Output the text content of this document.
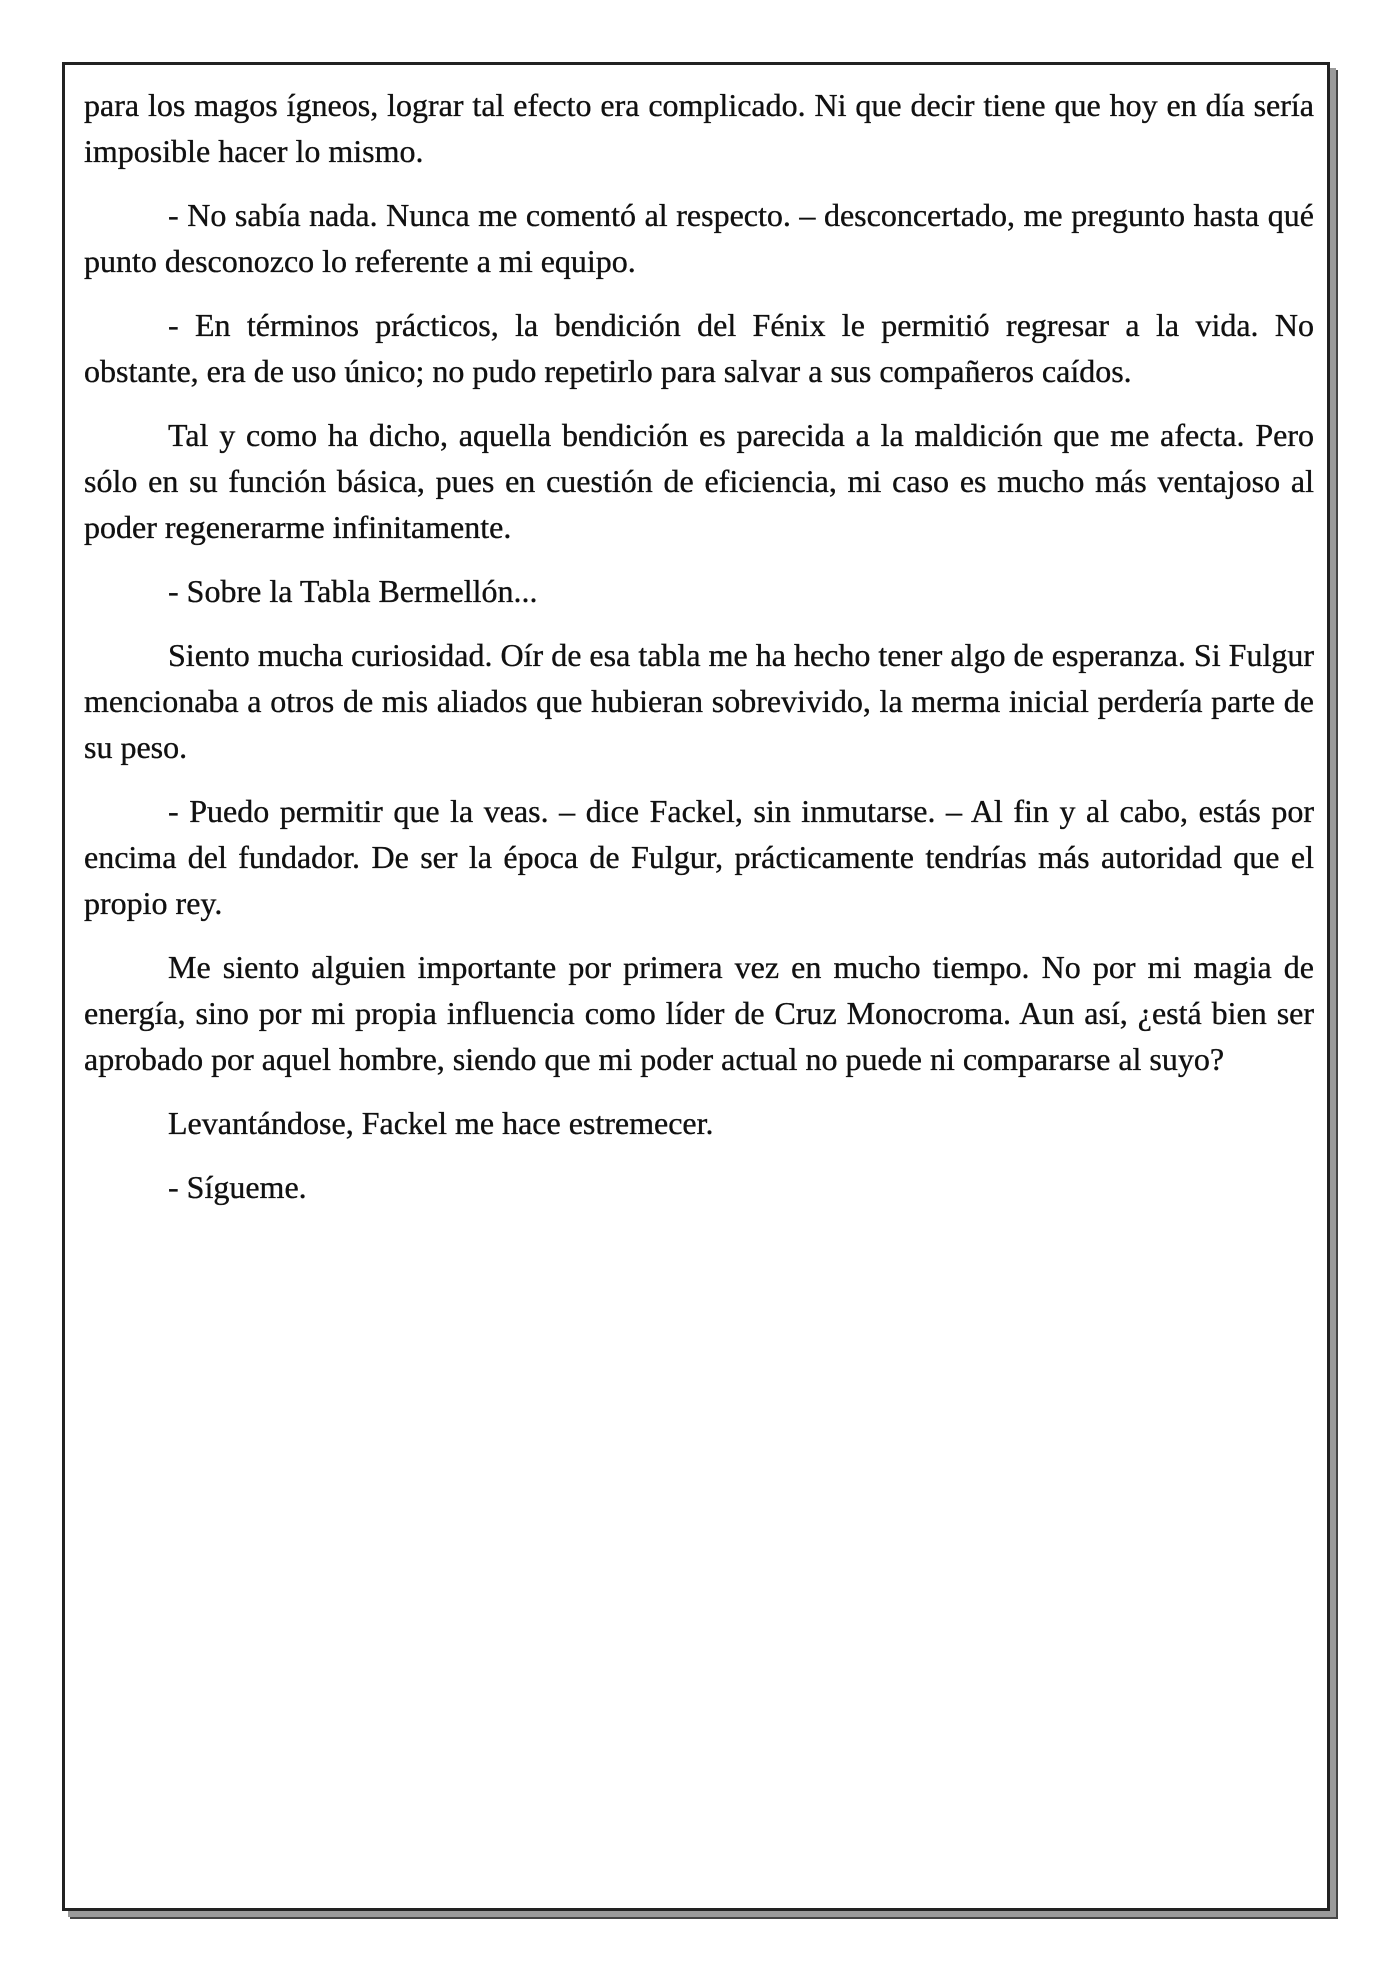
para los magos ígneos, lograr tal efecto era complicado. Ni que decir tiene que hoy en día sería imposible hacer lo mismo.

- No sabía nada. Nunca me comentó al respecto. – desconcertado, me pregunto hasta qué punto desconozco lo referente a mi equipo.

- En términos prácticos, la bendición del Fénix le permitió regresar a la vida. No obstante, era de uso único; no pudo repetirlo para salvar a sus compañeros caídos.

Tal y como ha dicho, aquella bendición es parecida a la maldición que me afecta. Pero sólo en su función básica, pues en cuestión de eficiencia, mi caso es mucho más ventajoso al poder regenerarme infinitamente.

- Sobre la Tabla Bermellón...

Siento mucha curiosidad. Oír de esa tabla me ha hecho tener algo de esperanza. Si Fulgur mencionaba a otros de mis aliados que hubieran sobrevivido, la merma inicial perdería parte de su peso.

- Puedo permitir que la veas. – dice Fackel, sin inmutarse. – Al fin y al cabo, estás por encima del fundador. De ser la época de Fulgur, prácticamente tendrías más autoridad que el propio rey.

Me siento alguien importante por primera vez en mucho tiempo. No por mi magia de energía, sino por mi propia influencia como líder de Cruz Monocroma. Aun así, ¿está bien ser aprobado por aquel hombre, siendo que mi poder actual no puede ni compararse al suyo?

Levantándose, Fackel me hace estremecer.

- Sígueme.
